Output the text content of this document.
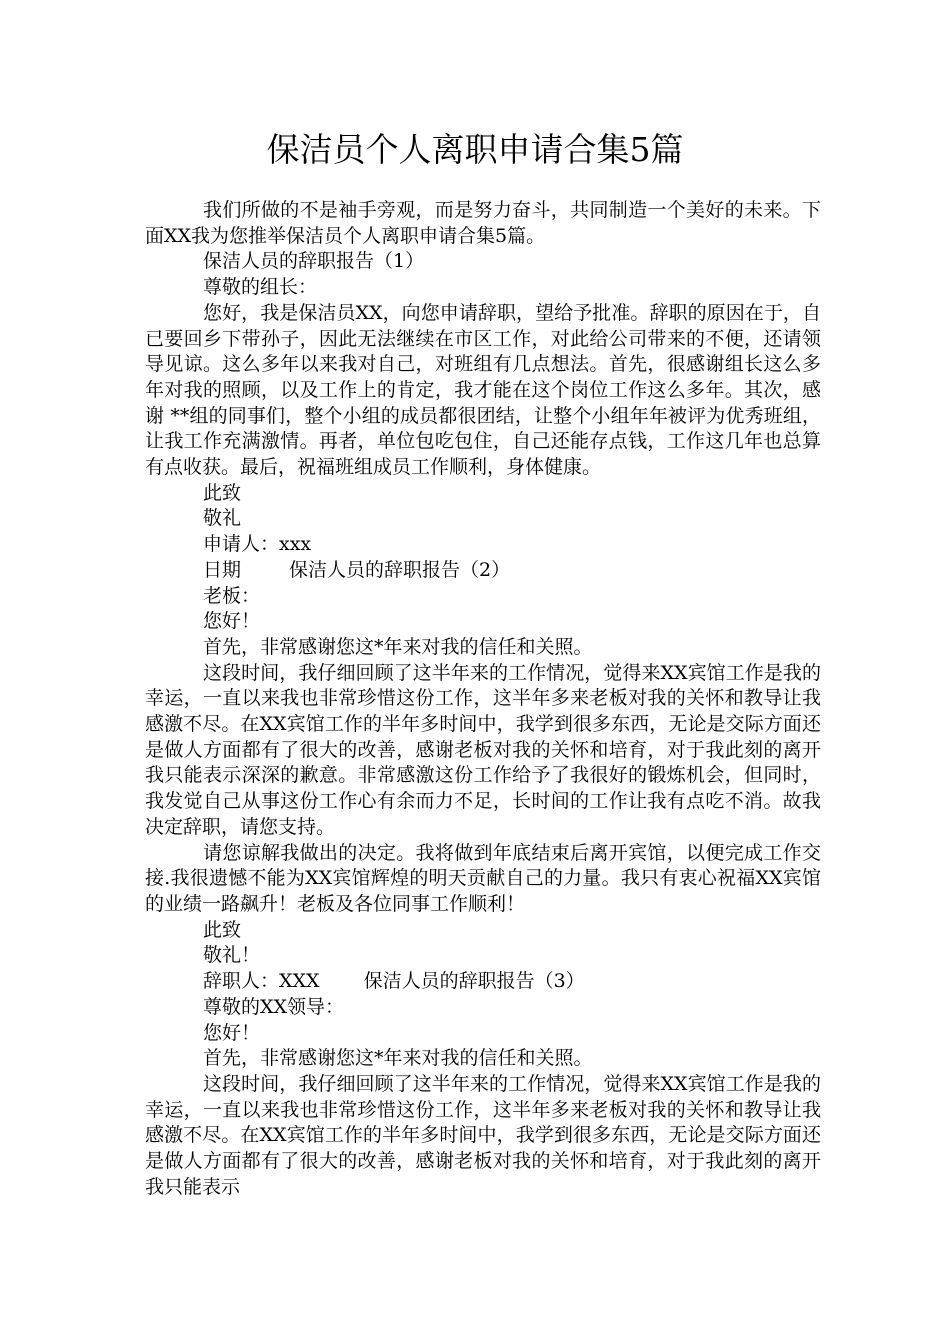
保洁员个人离职申请合集5篇

我们所做的不是袖手旁观，而是努力奋斗，共同制造一个美好的未来。下面XX我为您推举保洁员个人离职申请合集5篇。

保洁人员的辞职报告（1）

尊敬的组长：

您好，我是保洁员XX，向您申请辞职，望给予批准。辞职的原因在于，自已要回乡下带孙子，因此无法继续在市区工作，对此给公司带来的不便，还请领导见谅。这么多年以来我对自己，对班组有几点想法。首先，很感谢组长这么多年对我的照顾，以及工作上的肯定，我才能在这个岗位工作这么多年。其次，感谢 **组的同事们，整个小组的成员都很团结，让整个小组年年被评为优秀班组，让我工作充满激情。再者，单位包吃包住，自己还能存点钱，工作这几年也总算有点收获。最后，祝福班组成员工作顺利，身体健康。

此致

敬礼

申请人：xxx

日期	保洁人员的辞职报告（2）

老板：

您好！

首先，非常感谢您这*年来对我的信任和关照。

这段时间，我仔细回顾了这半年来的工作情况，觉得来XX宾馆工作是我的幸运，一直以来我也非常珍惜这份工作，这半年多来老板对我的关怀和教导让我感激不尽。在XX宾馆工作的半年多时间中，我学到很多东西，无论是交际方面还是做人方面都有了很大的改善，感谢老板对我的关怀和培育，对于我此刻的离开我只能表示深深的歉意。非常感激这份工作给予了我很好的锻炼机会，但同时，我发觉自己从事这份工作心有余而力不足，长时间的工作让我有点吃不消。故我决定辞职，请您支持。

请您谅解我做出的决定。我将做到年底结束后离开宾馆，以便完成工作交接.我很遗憾不能为XX宾馆辉煌的明天贡献自己的力量。我只有衷心祝福XX宾馆的业绩一路飙升！老板及各位同事工作顺利！

此致

敬礼！

辞职人：XXX 保洁人员的辞职报告（3）

尊敬的XX领导：

您好！

首先，非常感谢您这*年来对我的信任和关照。

这段时间，我仔细回顾了这半年来的工作情况，觉得来XX宾馆工作是我的幸运，一直以来我也非常珍惜这份工作，这半年多来老板对我的关怀和教导让我感激不尽。在XX宾馆工作的半年多时间中，我学到很多东西，无论是交际方面还是做人方面都有了很大的改善，感谢老板对我的关怀和培育，对于我此刻的离开我只能表示
